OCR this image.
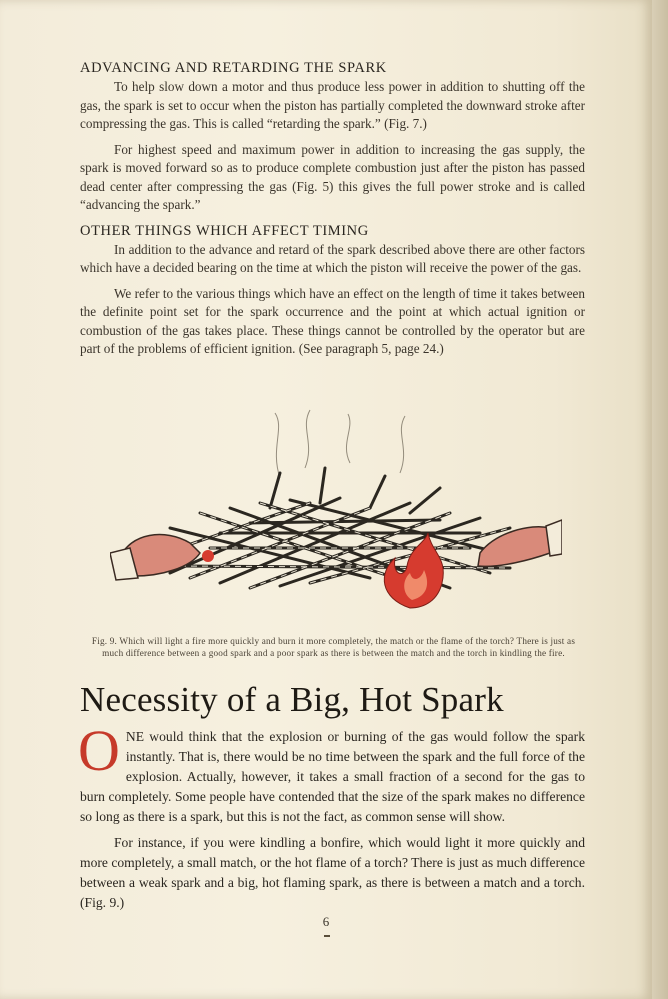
ADVANCING AND RETARDING THE SPARK

To help slow down a motor and thus produce less power in addition to shutting off the gas, the spark is set to occur when the piston has partially completed the downward stroke after compressing the gas. This is called “retarding the spark.” (Fig. 7.)

For highest speed and maximum power in addition to increasing the gas supply, the spark is moved forward so as to produce complete combustion just after the piston has passed dead center after compressing the gas (Fig. 5) this gives the full power stroke and is called “advancing the spark.”

OTHER THINGS WHICH AFFECT TIMING

In addition to the advance and retard of the spark described above there are other factors which have a decided bearing on the time at which the piston will receive the power of the gas.

We refer to the various things which have an effect on the length of time it takes between the definite point set for the spark occurrence and the point at which actual ignition or combustion of the gas takes place. These things cannot be controlled by the operator but are part of the problems of efficient ignition. (See paragraph 5, page 24.)

Fig. 9. Which will light a fire more quickly and burn it more completely, the match or the flame of the torch? There is just as much difference between a good spark and a poor spark as there is between the match and the torch in kindling the fire.
Necessity of a Big, Hot Spark

ONE would think that the explosion or burning of the gas would follow the spark instantly. That is, there would be no time between the spark and the full force of the explosion. Actually, however, it takes a small fraction of a second for the gas to burn completely. Some people have contended that the size of the spark makes no difference so long as there is a spark, but this is not the fact, as common sense will show.

For instance, if you were kindling a bonfire, which would light it more quickly and more completely, a small match, or the hot flame of a torch? There is just as much difference between a weak spark and a big, hot flaming spark, as there is between a match and a torch. (Fig. 9.)

6
